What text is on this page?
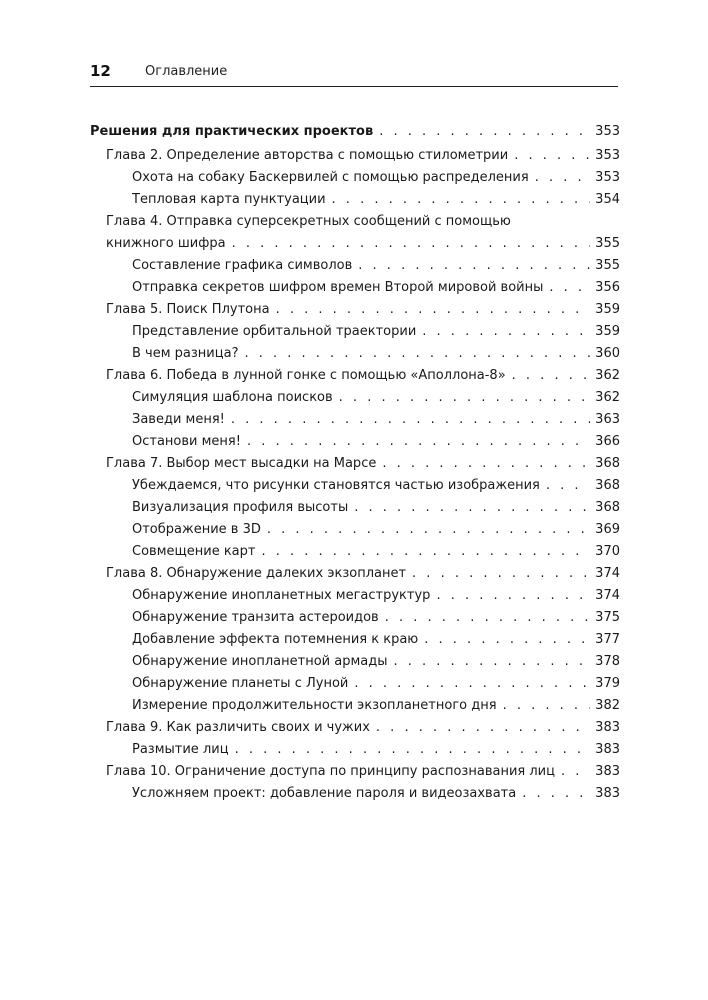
12	Оглавление
Решения для практических проектов . . .	353
Глава 2. Определение авторства с помощью стилометрии . . .	353
Охота на собаку Баскервилей с помощью распределения . . .	353
Тепловая карта пунктуации . . .	354
Глава 4. Отправка суперсекретных сообщений с помощью
книжного шифра . . .	355
Составление графика символов . . .	355
Отправка секретов шифром времен Второй мировой войны . . .	356
Глава 5. Поиск Плутона . . .	359
Представление орбитальной траектории . . .	359
В чем разница? . . .	360
Глава 6. Победа в лунной гонке с помощью «Аполлона-8» . . .	362
Симуляция шаблона поисков . . .	362
Заведи меня! . . .	363
Останови меня! . . .	366
Глава 7. Выбор мест высадки на Марсе . . .	368
Убеждаемся, что рисунки становятся частью изображения . . .	368
Визуализация профиля высоты . . .	368
Отображение в 3D . . .	369
Совмещение карт . . .	370
Глава 8. Обнаружение далеких экзопланет . . .	374
Обнаружение инопланетных мегаструктур . . .	374
Обнаружение транзита астероидов . . .	375
Добавление эффекта потемнения к краю . . .	377
Обнаружение инопланетной армады . . .	378
Обнаружение планеты с Луной . . .	379
Измерение продолжительности экзопланетного дня . . .	382
Глава 9. Как различить своих и чужих . . .	383
Размытие лиц . . .	383
Глава 10. Ограничение доступа по принципу распознавания лиц . . .	383
Усложняем проект: добавление пароля и видеозахвата . . .	383
